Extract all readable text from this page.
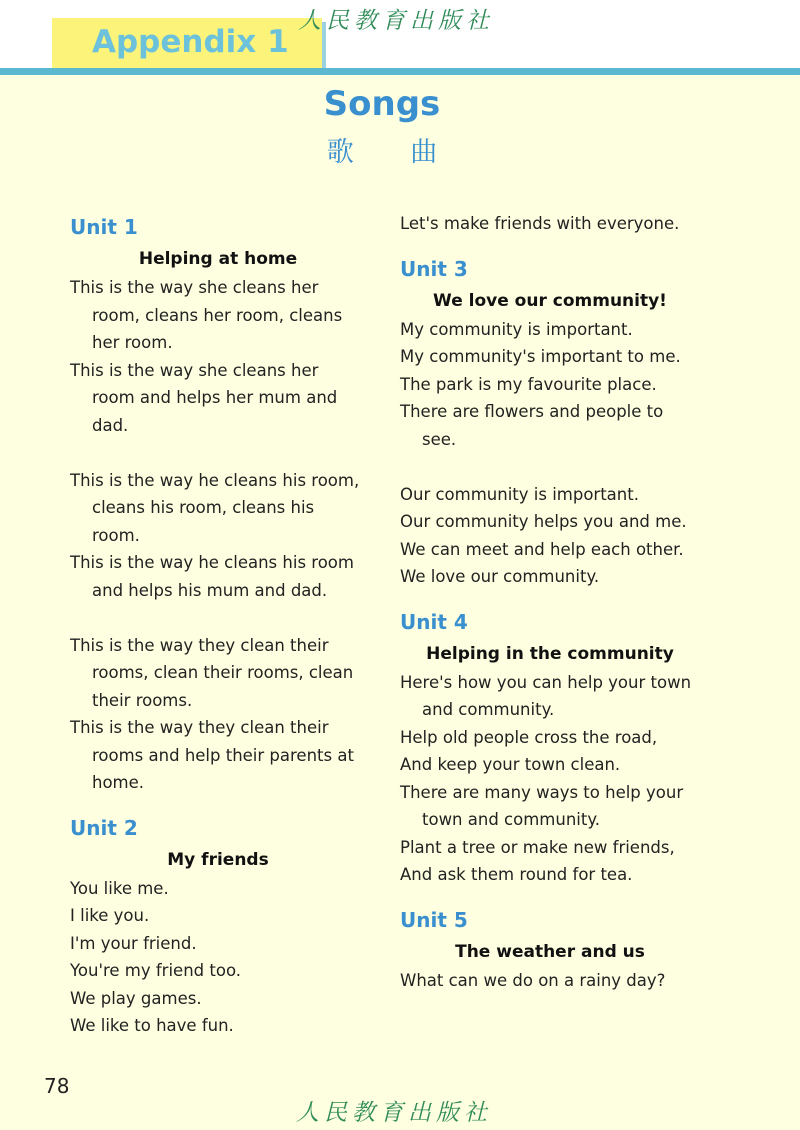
Appendix 1
人民教育出版社
Songs
歌 曲
Unit 1
Helping at home
This is the way she cleans her room, cleans her room, cleans her room.
This is the way she cleans her room and helps her mum and dad.
This is the way he cleans his room, cleans his room, cleans his room.
This is the way he cleans his room and helps his mum and dad.
This is the way they clean their rooms, clean their rooms, clean their rooms.
This is the way they clean their rooms and help their parents at home.
Unit 2
My friends
You like me.
I like you.
I'm your friend.
You're my friend too.
We play games.
We like to have fun.
Let's make friends with everyone.
Unit 3
We love our community!
My community is important.
My community's important to me.
The park is my favourite place.
There are flowers and people to see.
Our community is important.
Our community helps you and me.
We can meet and help each other.
We love our community.
Unit 4
Helping in the community
Here's how you can help your town and community.
Help old people cross the road,
And keep your town clean.
There are many ways to help your town and community.
Plant a tree or make new friends,
And ask them round for tea.
Unit 5
The weather and us
What can we do on a rainy day?
78
人民教育出版社
